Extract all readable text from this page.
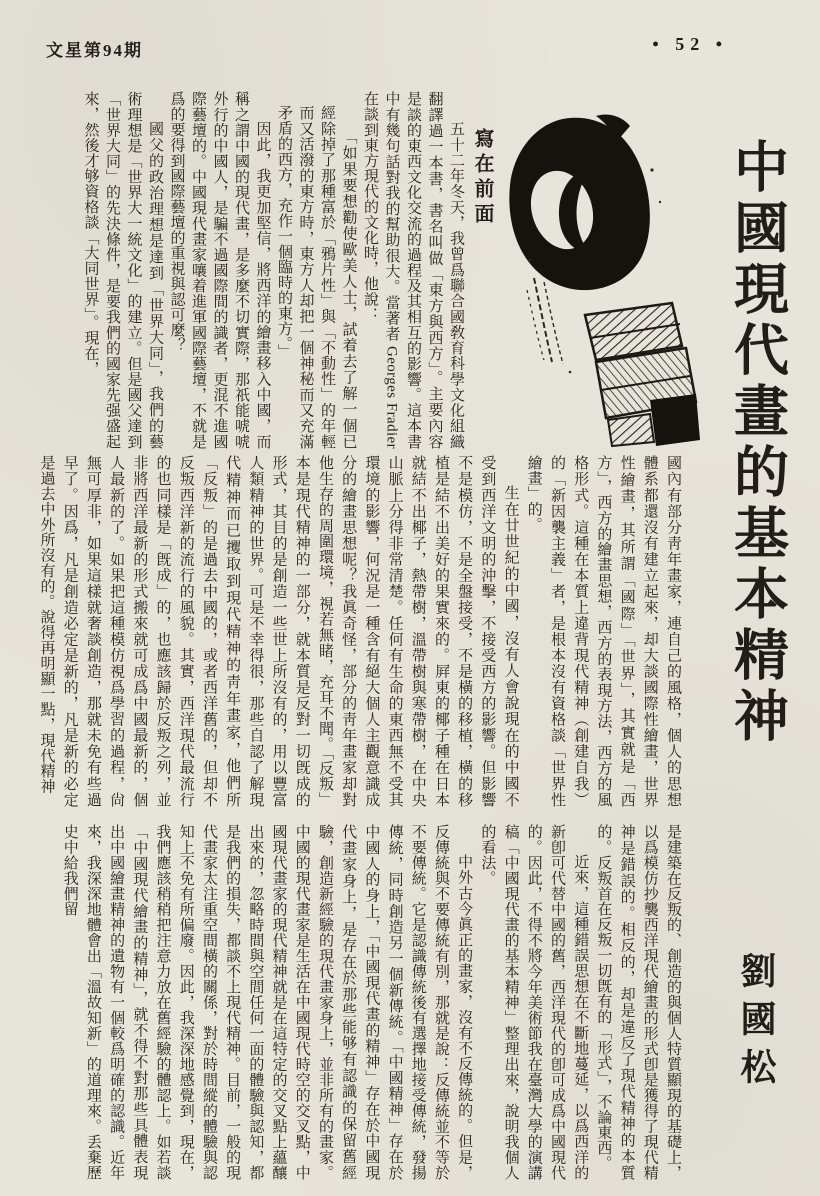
文星第94期	• 52 •
中國現代畫的基本精神
劉國松
寫在前面

五十二年冬天，我曾爲聯合國敎育科學文化組織翻譯過一本書，書名叫做「東方與西方」。主要內容是談的東西文化交流的過程及其相互的影響。這本書中有幾句話對我的幫助很大。當著者 Georges Fradier 在談到東方現代的文化時，他說：

「如果要想勸使歐美人士，試着去了解一個已經除掉了那種富於「鴉片性」與「不動性」的年輕而又活潑的東方時，東方人却把一個神秘而又充滿矛盾的西方，充作一個臨時的東方。」

因此，我更加堅信，將西洋的繪畫移入中國，而稱之謂中國的現代畫，是多麼不切實際，那祇能唬唬外行的中國人，是騙不過國際間的識者，更混不進國際藝壇的。中國現代畫家嚷着進軍國際藝壇，不就是爲的要得到國際藝壇的重視與認可麼？

國父的政治理想是達到「世界大同」，我們的藝術理想是「世界大一統文化」的建立。但是國父達到「世界大同」的先決條件，是要我們的國家先强盛起來，然後才够資格談「大同世界」。現在，

國內有部分靑年畫家，連自己的風格，個人的思想體系都還沒有建立起來，却大談國際性繪畫，世界性繪畫，其所謂「國際」「世界」，其實就是「西方」，西方的繪畫思想，西方的表現方法，西方的風格形式。這種在本質上違背現代精神（創建自我）的「新因襲主義」者，是根本沒有資格談「世界性繪畫」的。

生在廿世紀的中國，沒有人會說現在的中國不受到西洋文明的沖擊，不接受西方的影響。但影響不是模仿，不是全盤接受，不是橫的移植，橫的移植是結不出美好的果實來的。屛東的椰子種在日本就結不出椰子，熱帶樹，溫帶樹與寒帶樹，在中央山脈上分得非常清楚。任何有生命的東西無不受其環境的影響，何況是一種含有絕大個人主觀意識成分的繪畫思想呢？我眞奇怪，部分的靑年畫家却對他生存的周圍環境，視若無睹，充耳不聞。「反叛」本是現代精神的一部分，就本質是反對一切旣成的形式，其目的是創造一些世上所沒有的，用以豐富人類精神的世界。可是不幸得很，那些自認了解現代精神而已攫取到現代精神的靑年畫家，他們所「反叛」的是過去中國的，或者西洋舊的，但却不反叛西洋新的流行的風貌。其實，西洋現代最流行的也同樣是「旣成」的，也應該歸於反叛之列，並非將西洋最新的形式搬來就可成爲中國最新的，個人最新的了。如果把這種模仿視爲學習的過程，尙無可厚非，如果這樣就奢談創造，那就未免有些過早了。因爲，凡是創造必定是新的，凡是新的必定是過去中外所沒有的。說得再明顯一點，現代精神

是建築在反叛的、創造的與個人特質顯現的基礎上，以爲模仿抄襲西洋現代繪畫的形式卽是獲得了現代精神是錯誤的。相反的，却是違反了現代精神的本質的。反叛首在反叛一切旣有的「形式」，不論東西。

近來，這種錯誤思想在不斷地蔓延，以爲西洋的新卽可代替中國的舊，西洋現代的卽可成爲中國現代的。因此，不得不將今年美術節我在臺灣大學的演講稿「中國現代畫的基本精神」整理出來，說明我個人的看法。

中外古今眞正的畫家，沒有不反傳統的。但是，反傳統與不要傳統有別，那就是說：反傳統並不等於不要傳統。它是認識傳統後有選擇地接受傳統，發揚傳統，同時創造另一個新傳統。「中國精神」存在於中國人的身上，「中國現代畫的精神」存在於中國現代畫家身上，是存在於那些能够有認識的保留舊經驗，創造新經驗的現代畫家身上，並非所有的畫家。中國的現代畫家是生活在中國現代時空的交叉點，中國現代畫家的現代精神就是在這特定的交叉點上蘊釀出來的，忽略時間與空間任何一面的體驗與認知，都是我們的損失，都談不上現代精神。目前，一般的現代畫家太注重空間橫的關係，對於時間縱的體驗與認知上不免有所偏廢。因此，我深深地感覺到，現在，我們應該稍稍把注意力放在舊經驗的體認上。如若談「中國現代繪畫的精神」，就不得不對那些具體表現出中國繪畫精神的遺物有一個較爲明確的認識。近年來，我深深地體會出「溫故知新」的道理來。丢棄歷史中給我們留
